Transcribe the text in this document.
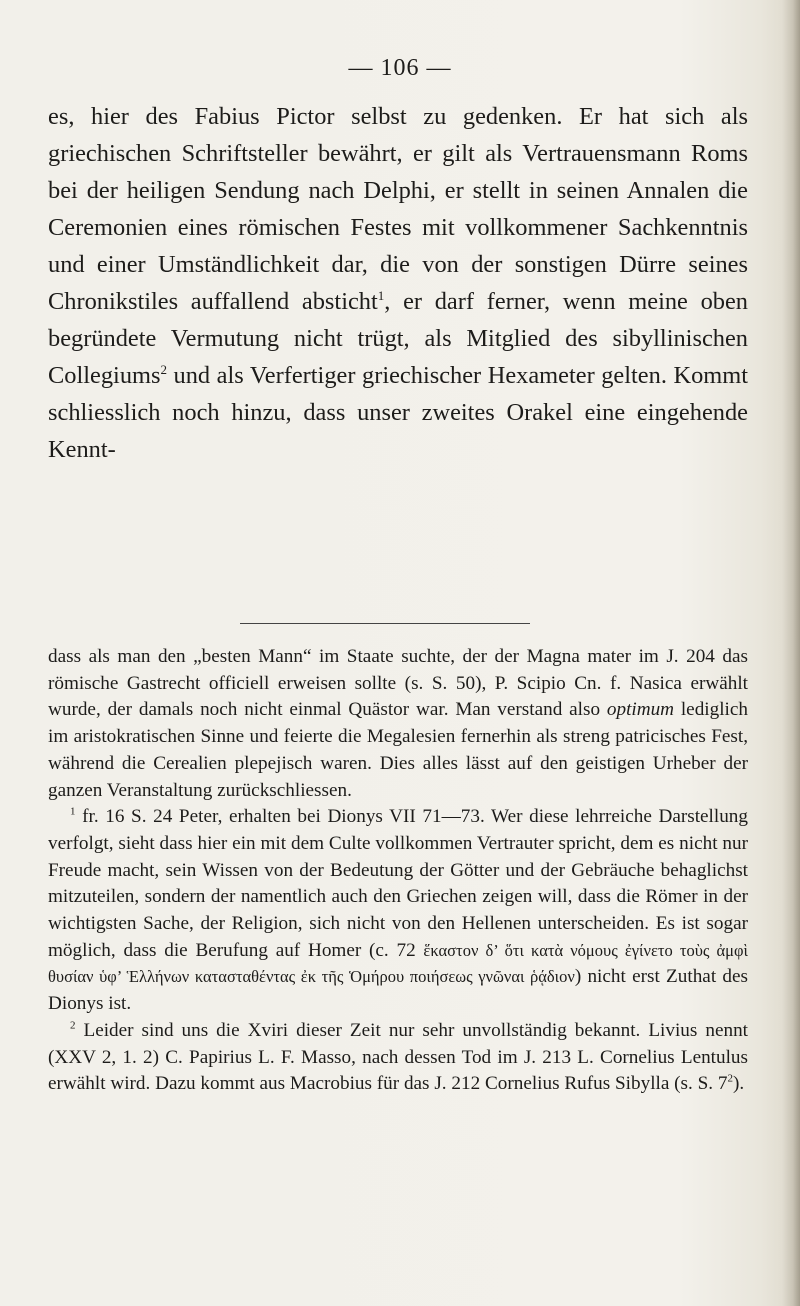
— 106 —

es, hier des Fabius Pictor selbst zu gedenken. Er hat sich als griechischen Schriftsteller bewährt, er gilt als Vertrauensmann Roms bei der heiligen Sendung nach Delphi, er stellt in seinen Annalen die Ceremonien eines römischen Festes mit vollkommener Sachkenntnis und einer Umständlichkeit dar, die von der sonstigen Dürre seines Chronikstiles auffallend absticht$^1$, er darf ferner, wenn meine oben begründete Vermutung nicht trügt, als Mitglied des sibyllinischen Collegiums$^2$ und als Verfertiger griechischer Hexameter gelten. Kommt schliesslich noch hinzu, dass unser zweites Orakel eine eingehende Kennt-

dass als man den „besten Mann“ im Staate suchte, der der Magna mater im J. 204 das römische Gastrecht officiell erweisen sollte (s. S. 50), P. Scipio Cn. f. Nasica erwählt wurde, der damals noch nicht einmal Quästor war. Man verstand also optimum lediglich im aristokratischen Sinne und feierte die Megalesien fernerhin als streng patricisches Fest, während die Cerealien plepejisch waren. Dies alles lässt auf den geistigen Urheber der ganzen Veranstaltung zurückschliessen.

$^1$ fr. 16 S. 24 Peter, erhalten bei Dionys VII 71—73. Wer diese lehrreiche Darstellung verfolgt, sieht dass hier ein mit dem Culte vollkommen Vertrauter spricht, dem es nicht nur Freude macht, sein Wissen von der Bedeutung der Götter und der Gebräuche behaglichst mitzuteilen, sondern der namentlich auch den Griechen zeigen will, dass die Römer in der wichtigsten Sache, der Religion, sich nicht von den Hellenen unterscheiden. Es ist sogar möglich, dass die Berufung auf Homer (c. 72 ἕκαστον δ’ ὅτι κατὰ νόμους ἐγίνετο τοὺς ἀμφὶ θυσίαν ὑφ’ Ἑλλήνων κατασταθέντας ἐκ τῆς Ὁμήρου ποιήσεως γνῶναι ῥᾴδιον) nicht erst Zuthat des Dionys ist.

$^2$ Leider sind uns die Xviri dieser Zeit nur sehr unvollständig bekannt. Livius nennt (XXV 2, 1. 2) C. Papirius L. F. Masso, nach dessen Tod im J. 213 L. Cornelius Lentulus erwählt wird. Dazu kommt aus Macrobius für das J. 212 Cornelius Rufus Sibylla (s. S. 7$^2$).
